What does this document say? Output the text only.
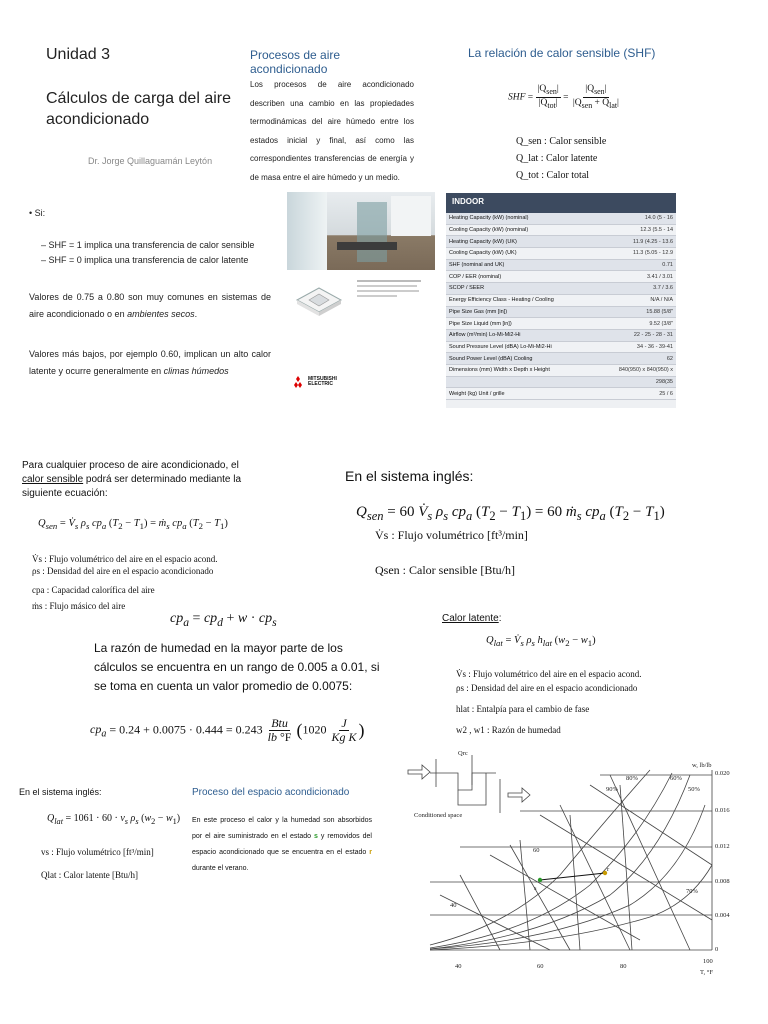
Unidad 3
Cálculos de carga del aire acondicionado
Dr. Jorge Quillaguamán Leytón
Procesos de aire acondicionado
Los procesos de aire acondicionado describen una cambio en las propiedades termodinámicas del aire húmedo entre los estados inicial y final, así como las correspondientes transferencias de energía y de masa entre el aire húmedo y un medio.
La relación de calor sensible (SHF)
SHF = $\frac{|Q_{sen}|}{|Q_{tot}|} = \frac{|Q_{sen}|}{|Q_{sen} + Q_{lat}|}$
Q_sen : Calor sensible
Q_lat : Calor latente
Q_tot : Calor total
• Si:
– SHF = 1 implica una transferencia de calor sensible
– SHF = 0 implica una transferencia de calor latente
Valores de 0.75 a 0.80 son muy comunes en sistemas de aire acondicionado o en ambientes secos.
Valores más bajos, por ejemplo 0.60, implican un alto calor latente y ocurre generalmente en climas húmedos
MITSUBISHI ELECTRIC
INDOOR
Heating Capacity (kW) (nominal)	14.0 (5 - 16
Cooling Capacity (kW) (nominal)	12.3 (5.5 - 14
Heating Capacity (kW) (UK)	11.9 (4.25 - 13.6
Cooling Capacity (kW) (UK)	11.3 (5.05 - 12.9
SHF (nominal and UK)	0.71
COP / EER (nominal)	3.41 / 3.01
SCOP / SEER	3.7 / 3.6
Energy Efficiency Class - Heating / Cooling	N/A / N/A
Pipe Size Gas (mm [in])	15.88 (5/8"
Pipe Size Liquid (mm [in])	9.52 (3/8"
Airflow (m³/min) Lo-Mi-Mi2-Hi	22 - 25 - 28 - 31
Sound Pressure Level (dBA) Lo-Mi-Mi2-Hi	34 - 36 - 39-41
Sound Power Level (dBA) Cooling	62
Dimensions (mm) Width x Depth x Height	840(950) x 840(950) x
	298(35
Weight (kg) Unit / grille	25 / 6
Para cualquier proceso de aire acondicionado, el calor sensible podrá ser determinado mediante la siguiente ecuación:
$Q_{sen}$ = $V̇_s$ $\rho_s$ $cp_a$ $(T_2 - T_1)$ = ṁ$_s$ $cp_a$ $(T_2 - T_1)$
V̇s : Flujo volumétrico del aire en el espacio acond.
ρs : Densidad del aire en el espacio acondicionado
cpa : Capacidad calorífica del aire
ṁs : Flujo másico del aire
En el sistema inglés:
$Q_{sen} = 60$ $V̇_s$ $\rho_s$ $cp_a$ $(T_2 - T_1) = 60$ ṁ$_s$ $cp_a$ $(T_2 - T_1)$
V̇s : Flujo volumétrico [ft³/min]
Qsen : Calor sensible [Btu/h]
$cp_a = cp_d + w \cdot cp_s$
La razón de humedad en la mayor parte de los cálculos se encuentra en un rango de 0.005 a 0.01, si se toma en cuenta un valor promedio de 0.0075:
$cp_a = 0.24 + 0.0075 \cdot 0.444 = 0.243 \frac{\text{Btu}}{lb ^\circ F} (1020 \frac{J}{\text{Kg K}}$ )
Calor latente:
$Q_{lat}$ = $V̇_s$ $\rho_s$ $h_{lat}$ $(w_2 - w_1)$
V̇s : Flujo volumétrico del aire en el espacio acond.
ρs : Densidad del aire en el espacio acondicionado
hlat : Entalpía para el cambio de fase
w2 , w1 : Razón de humedad
En el sistema inglés:
$Q_{lat} = 1061 \cdot 60 \cdot v_s$ $\rho_s$ $(w_2 - w_1)$
vs : Flujo volumétrico [ft³/min]
Qlat : Calor latente [Btu/h]
Proceso del espacio acondicionado
En este proceso el calor y la humedad son absorbidos por el aire suministrado en el estado s y removidos del espacio acondicionado que se encuentra en el estado r durante el verano.
s
r
Qrc
Conditioned space
80%	60%
50%
90%
70%
w, lb/lb
0.020
0.016
0.012
0.008
0.004
0
40	60	80
100
T, °F
60
40
